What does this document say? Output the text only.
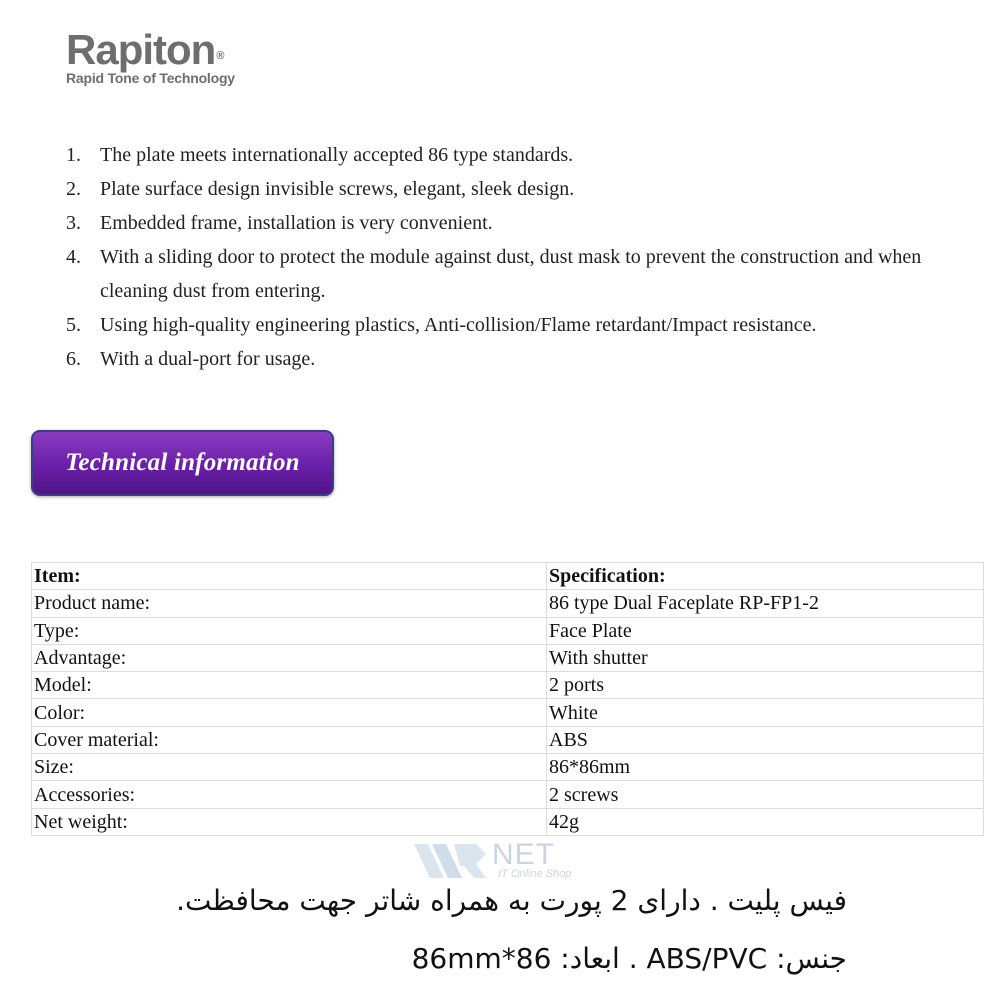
Rapiton®
Rapid Tone of Technology
1. The plate meets internationally accepted 86 type standards.
2. Plate surface design invisible screws, elegant, sleek design.
3. Embedded frame, installation is very convenient.
4. With a sliding door to protect the module against dust, dust mask to prevent the construction and when cleaning dust from entering.
5. Using high-quality engineering plastics, Anti-collision/Flame retardant/Impact resistance.
6. With a dual-port for usage.
Technical information
Item:	Specification:
Product name:	86 type Dual Faceplate RP-FP1-2
Type:	Face Plate
Advantage:	With shutter
Model:	2 ports
Color:	White
Cover material:	ABS
Size:	86*86mm
Accessories:	2 screws
Net weight:	42g
NET
IT Online Shop
فیس پلیت . دارای 2 پورت به همراه شاتر جهت محافظت.
جنس: ABS/PVC . ابعاد: 86*86mm
